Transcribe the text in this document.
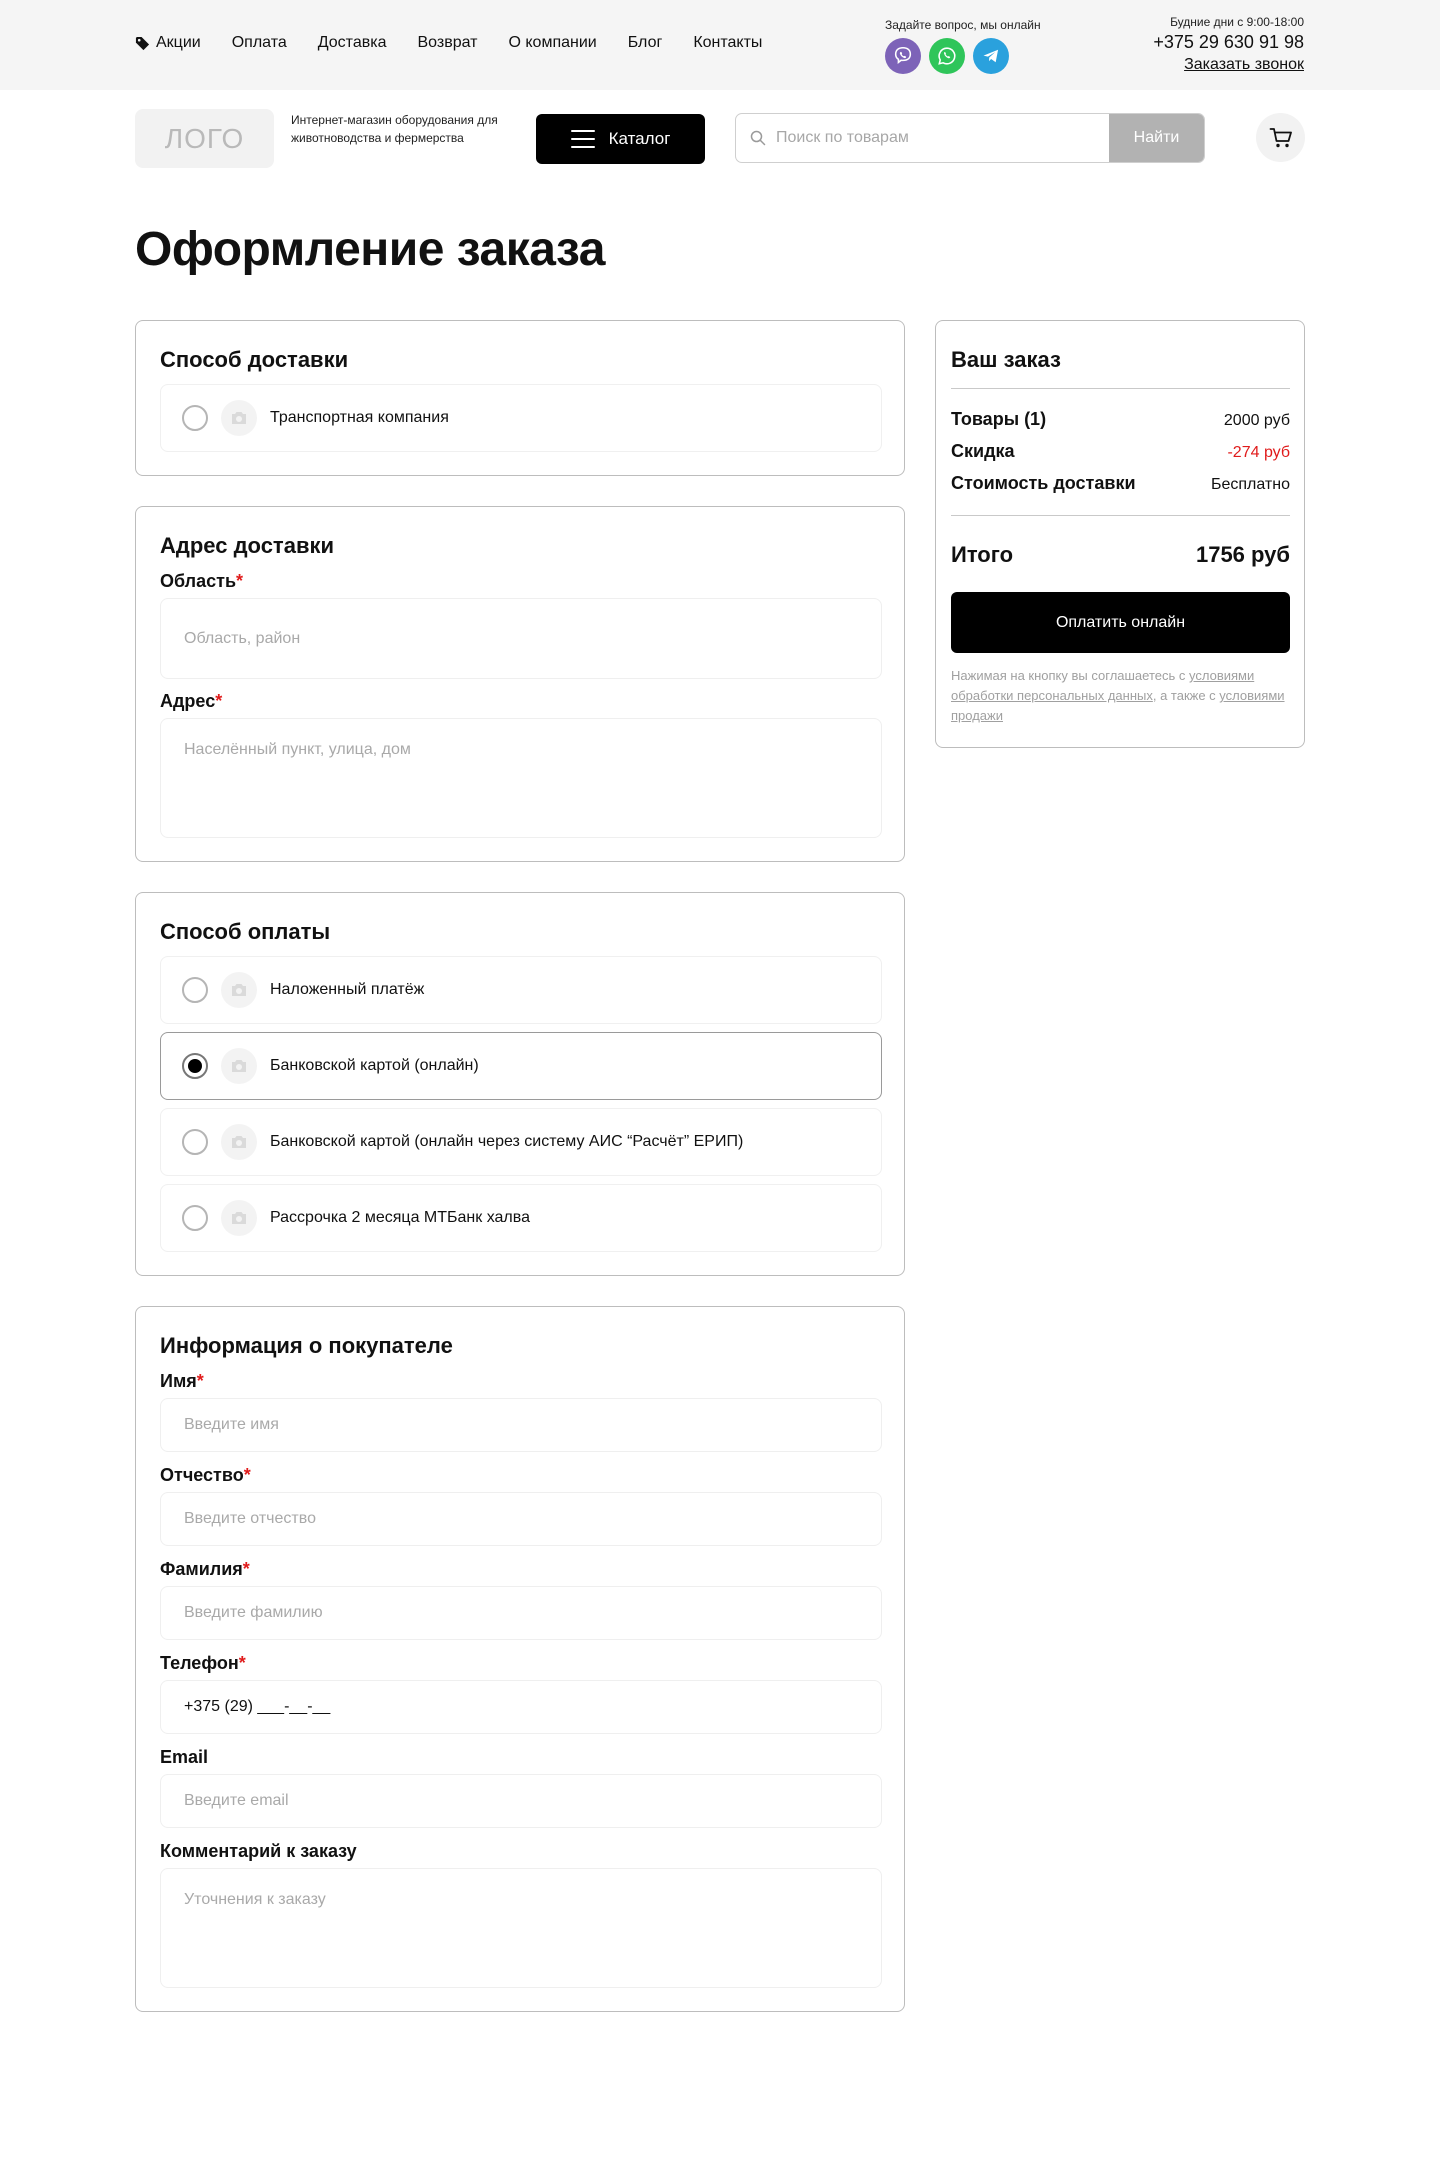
Акции Оплата Доставка Возврат О компании Блог Контакты
Задайте вопрос, мы онлайн	Будние дни с 9:00-18:00
+375 29 630 91 98
Заказать звонок
ЛОГО
Интернет-магазин оборудования для животноводства и фермерства	Каталог
Поиск по товарам	Найти
Оформление заказа
Способ доставки
Транспортная компания
Адрес доставки
Область*
Область, район
Адрес*
Населённый пункт, улица, дом
Способ оплаты
Наложенный платёж
Банковской картой (онлайн)
Банковской картой (онлайн через систему АИС “Расчёт” ЕРИП)
Рассрочка 2 месяца МТБанк халва
Информация о покупателе
Имя*
Введите имя
Отчество*
Введите отчество
Фамилия*
Введите фамилию
Телефон*
+375 (29) ___-__-__
Email
Введите email
Комментарий к заказу
Уточнения к заказу
Ваш заказ
Товары (1)	2000 руб
Скидка	-274 руб
Стоимость доставки	Бесплатно
Итого	1756 руб
Оплатить онлайн
Нажимая на кнопку вы соглашаетесь с условиями обработки персональных данных, а также с условиями продажи
